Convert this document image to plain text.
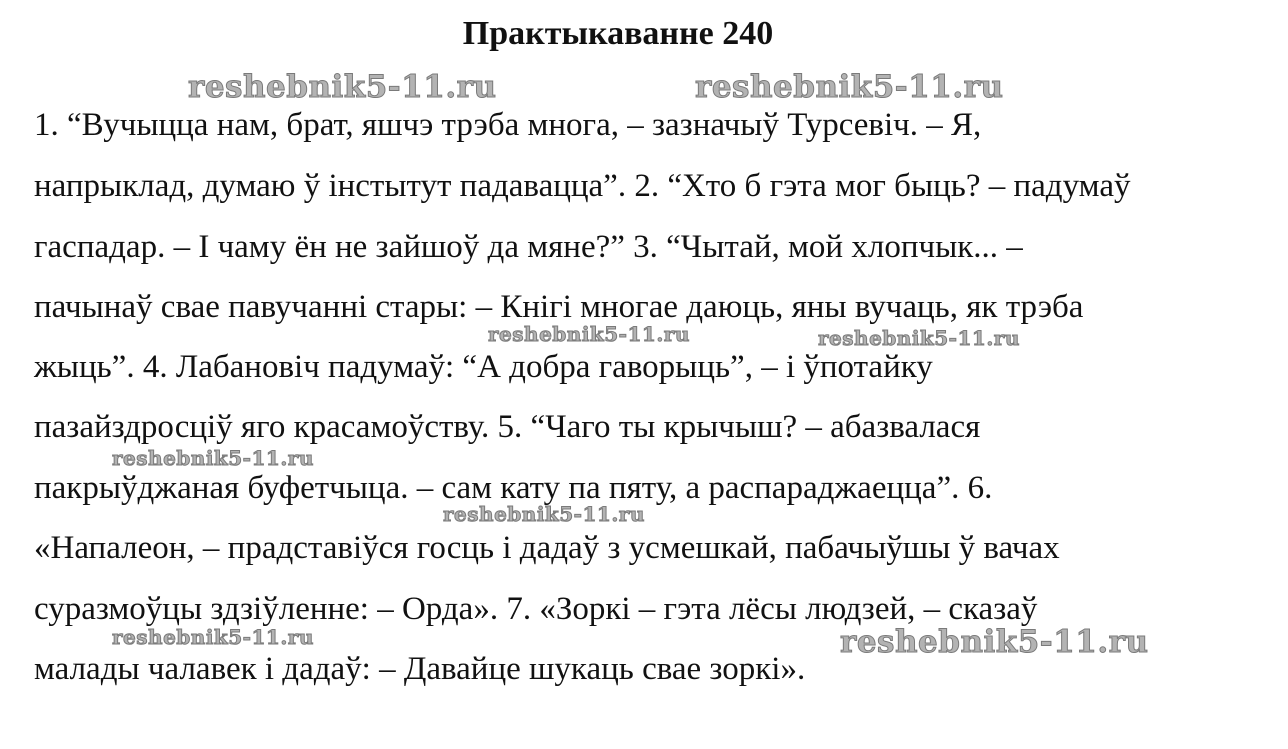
Практыкаванне 240
1. “Вучыцца нам, брат, яшчэ трэба многа, – зазначыў Турсевіч. – Я,
напрыклад, думаю ў інстытут падавацца”. 2. “Хто б гэта мог быць? – падумаў
гаспадар. – І чаму ён не зайшоў да мяне?” 3. “Чытай, мой хлопчык... –
пачынаў свае павучанні стары: – Кнігі многае даюць, яны вучаць, як трэба
жыць”. 4. Лабановіч падумаў: “А добра гаворыць”, – і ўпотайку
пазайздросціў яго красамоўству. 5. “Чаго ты крычыш? – абазвалася
пакрыўджаная буфетчыца. – сам кату па пяту, а распараджаецца”. 6.
«Напалеон, – прадставіўся госць і дадаў з усмешкай, пабачыўшы ў вачах
суразмоўцы здзіўленне: – Орда». 7. «Зоркі – гэта лёсы людзей, – сказаў
малады чалавек і дадаў: – Давайце шукаць свае зоркі».
reshebnik5-11.ru	reshebnik5-11.ru
reshebnik5-11.ru	reshebnik5-11.ru
reshebnik5-11.ru
reshebnik5-11.ru
reshebnik5-11.ru	reshebnik5-11.ru
